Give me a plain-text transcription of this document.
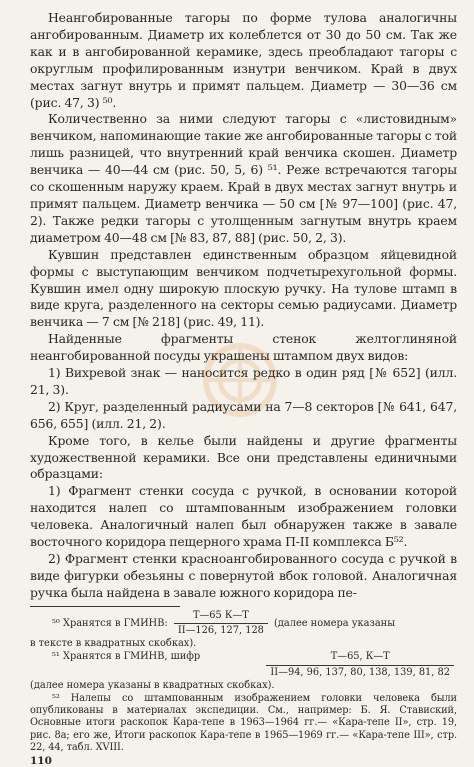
Неангобированные тагоры по форме тулова аналогичны ангобированным. Диаметр их колеблется от 30 до 50 см. Так же как и в ангобированной керамике, здесь преобладают тагоры с округлым профилированным изнутри венчиком. Край в двух местах загнут внутрь и примят пальцем. Диаметр — 30—36 см (рис. 47, 3) ⁵⁰.

Количественно за ними следуют тагоры с «листовидным» венчиком, напоминающие такие же ангобированные тагоры с той лишь разницей, что внутренний край венчика скошен. Диаметр венчика — 40—44 см (рис. 50, 5, 6) ⁵¹. Реже встречаются тагоры со скошенным наружу краем. Край в двух местах загнут внутрь и примят пальцем. Диаметр венчика — 50 см [№ 97—100] (рис. 47, 2). Также редки тагоры с утолщенным загнутым внутрь краем диаметром 40—48 см [№ 83, 87, 88] (рис. 50, 2, 3).

Кувшин представлен единственным образцом яйцевидной формы с выступающим венчиком подчетырехугольной формы. Кувшин имел одну широкую плоскую ручку. На тулове штамп в виде круга, разделенного на секторы семью радиусами. Диаметр венчика — 7 см [№ 218] (рис. 49, 11).

Найденные фрагменты стенок желтоглиняной неангобированной посуды украшены штампом двух видов:

1) Вихревой знак — наносится редко в один ряд [№ 652] (илл. 21, 3).

2) Круг, разделенный радиусами на 7—8 секторов [№ 641, 647, 656, 655] (илл. 21, 2).

Кроме того, в келье были найдены и другие фрагменты художественной керамики. Все они представлены единичными образцами:

1) Фрагмент стенки сосуда с ручкой, в основании которой находится налеп со штампованным изображением головки человека. Аналогичный налеп был обнаружен также в завале восточного коридора пещерного храма П-II комплекса Б⁵².

2) Фрагмент стенки красноангобированного сосуда с ручкой в виде фигурки обезьяны с повернутой вбок головой. Аналогичная ручка была найдена в завале южного коридора пе-

⁵⁰ Хранятся в ГМИНВ: $\frac{Т—65 К—Т}{II—126, 127, 128}$ (далее номера указаны
в тексте в квадратных скобках).
⁵¹ Хранятся в ГМИНВ, шифр	$\frac{Т—65, К—Т}{II—94, 96, 137, 80, 138, 139, 81, 82}$
(далее номера указаны в квадратных скобках).
⁵² Налепы со штампованным изображением головки человека были опубликованы в материалах экспедиции. См., например: Б. Я. Ставиский, Основные итоги раскопок Кара-тепе в 1963—1964 гг.— «Кара-тепе II», стр. 19, рис. 8а; его же, Итоги раскопок Кара-тепе в 1965—1969 гг.— «Кара-тепе III», стр. 22, 44, табл. XVIII.
110
